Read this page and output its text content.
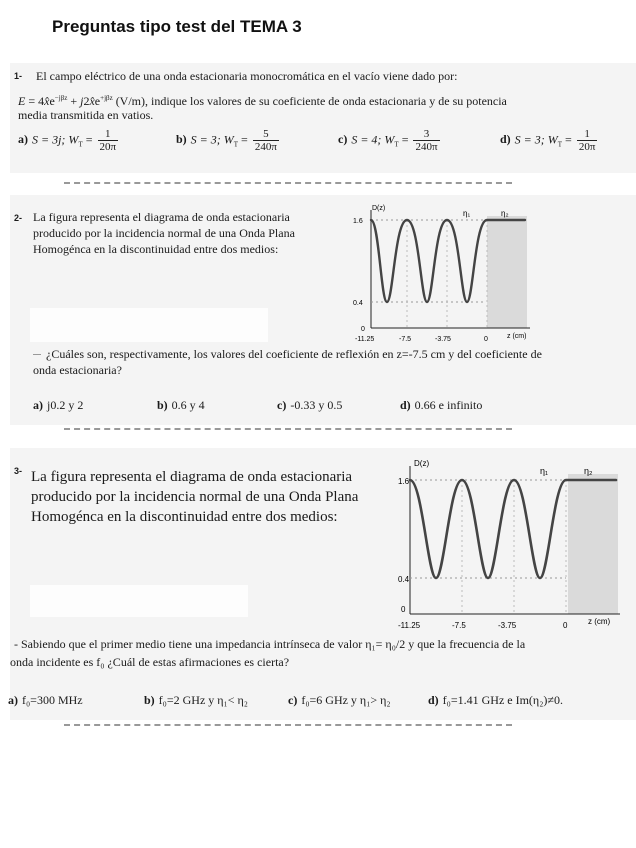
Preguntas tipo test del TEMA 3
1- El campo eléctrico de una onda estacionaria monocromática en el vacío viene dado por:
$E = 4x̂e^{-j\beta z}$ + $j2x̂e^{+j\beta z}$ (V/m), indique los valores de su coeficiente de onda estacionaria y de su potencia
media transmitida en vatios.
a) S = 3j; $W_T = \frac{1}{20\pi}$	b) S = 3; $W_T = \frac{5}{240\pi}$	c) S = 4; $W_T = \frac{3}{240\pi}$	d) S = 3; $W_T = \frac{1}{20\pi}$
2- La figura representa el diagrama de onda estacionaria
producido por la incidencia normal de una Onda Plana
Homogénca en la discontinuidad entre dos medios:
D(z)
1.6
0.4
0
-11.25	-7.5	-3.75	0	z (cm)
η₁	η₂
¿Cuáles son, respectivamente, los valores del coeficiente de reflexión en z=-7.5 cm y del coeficiente de
onda estacionaria?
a) j0.2 y 2	b) 0.6 y 4	c) -0.33 y 0.5	d) 0.66 e infinito
3- La figura representa el diagrama de onda estacionaria
producido por la incidencia normal de una Onda Plana
Homogénca en la discontinuidad entre dos medios:
D(z)
1.6
0.4
0
-11.25	-7.5	-3.75	0	z (cm)
η₁	η₂
- Sabiendo que el primer medio tiene una impedancia intrínseca de valor η₁= η₀/2 y que la frecuencia de la
onda incidente es f₀ ¿Cuál de estas afirmaciones es cierta?
a) f₀=300 MHz	b) f₀=2 GHz y η₁< η₂	c) f₀=6 GHz y η₁> η₂	d) f₀=1.41 GHz e Im(η₂)≠0.
